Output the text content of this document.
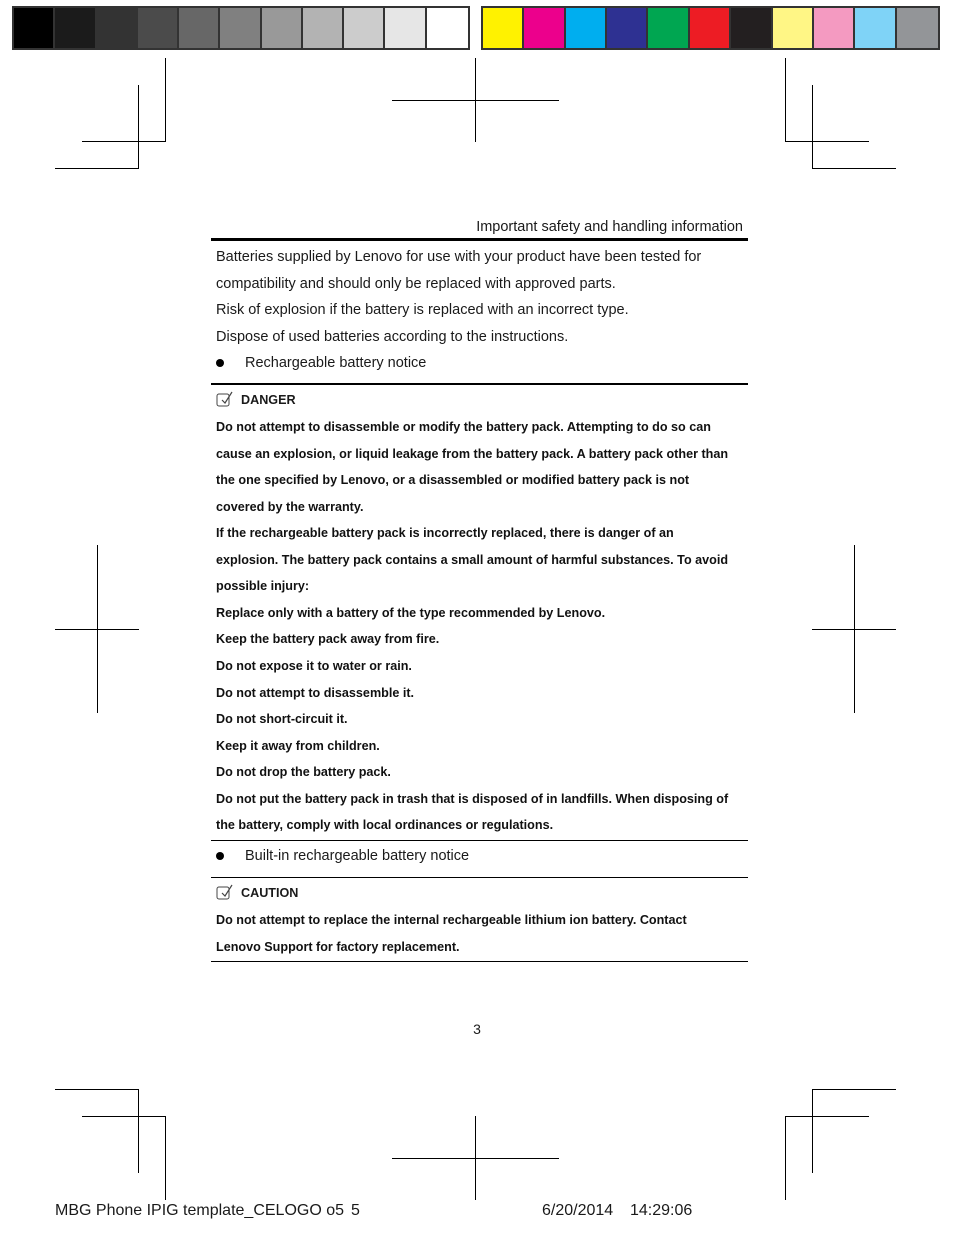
Important safety and handling information
Batteries supplied by Lenovo for use with your product have been tested for
compatibility and should only be replaced with approved parts.
Risk of explosion if the battery is replaced with an incorrect type.
Dispose of used batteries according to the instructions.
Rechargeable battery notice
DANGER
Do not attempt to disassemble or modify the battery pack. Attempting to do so can
cause an explosion, or liquid leakage from the battery pack. A battery pack other than
the one specified by Lenovo, or a disassembled or modified battery pack is not
covered by the warranty.
If the rechargeable battery pack is incorrectly replaced, there is danger of an
explosion. The battery pack contains a small amount of harmful substances. To avoid
possible injury:
Replace only with a battery of the type recommended by Lenovo.
Keep the battery pack away from fire.
Do not expose it to water or rain.
Do not attempt to disassemble it.
Do not short-circuit it.
Keep it away from children.
Do not drop the battery pack.
Do not put the battery pack in trash that is disposed of in landfills. When disposing of
the battery, comply with local ordinances or regulations.
Built-in rechargeable battery notice
CAUTION
Do not attempt to replace the internal rechargeable lithium ion battery. Contact
Lenovo Support for factory replacement.
3
MBG Phone IPIG template_CELOGO o5 5	6/20/2014 14:29:06
